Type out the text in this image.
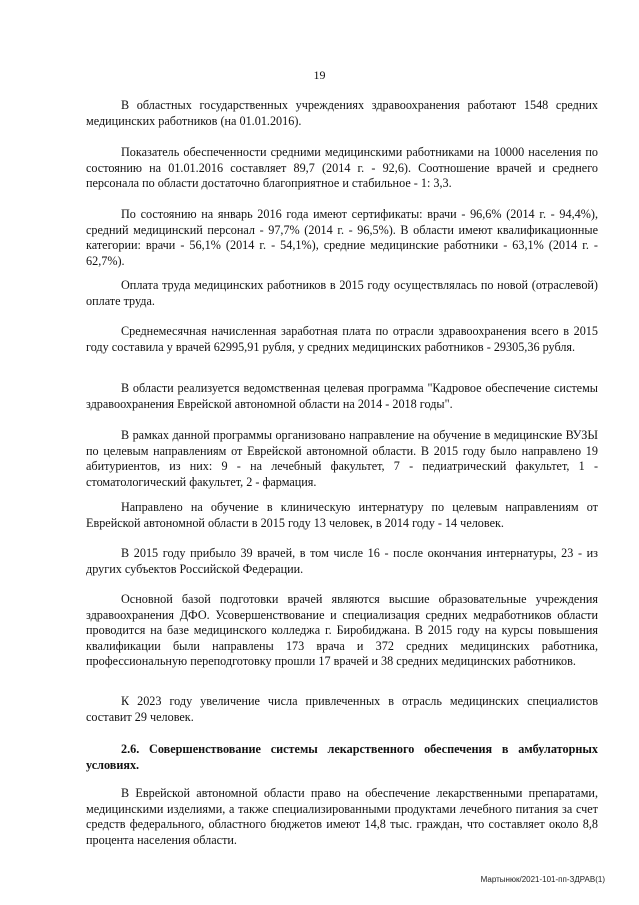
19

В областных государственных учреждениях здравоохранения работают 1548 средних медицинских работников (на 01.01.2016).

Показатель обеспеченности средними медицинскими работниками на 10000 населения по состоянию на 01.01.2016 составляет 89,7 (2014 г. - 92,6). Соотношение врачей и среднего персонала по области достаточно благоприятное и стабильное - 1: 3,3.

По состоянию на январь 2016 года имеют сертификаты: врачи - 96,6% (2014 г. - 94,4%), средний медицинский персонал - 97,7% (2014 г. - 96,5%). В области имеют квалификационные категории: врачи - 56,1% (2014 г. - 54,1%), средние медицинские работники - 63,1% (2014 г. - 62,7%).

Оплата труда медицинских работников в 2015 году осуществлялась по новой (отраслевой) оплате труда.

Среднемесячная начисленная заработная плата по отрасли здравоохранения всего в 2015 году составила у врачей 62995,91 рубля, у средних медицинских работников - 29305,36 рубля.

В области реализуется ведомственная целевая программа "Кадровое обеспечение системы здравоохранения Еврейской автономной области на 2014 - 2018 годы".

В рамках данной программы организовано направление на обучение в медицинские ВУЗЫ по целевым направлениям от Еврейской автономной области. В 2015 году было направлено 19 абитуриентов, из них: 9 - на лечебный факультет, 7 - педиатрический факультет, 1 - стоматологический факультет, 2 - фармация.

Направлено на обучение в клиническую интернатуру по целевым направлениям от Еврейской автономной области в 2015 году 13 человек, в 2014 году - 14 человек.

В 2015 году прибыло 39 врачей, в том числе 16 - после окончания интернатуры, 23 - из других субъектов Российской Федерации.

Основной базой подготовки врачей являются высшие образовательные учреждения здравоохранения ДФО. Усовершенствование и специализация средних медработников области проводится на базе медицинского колледжа г. Биробиджана. В 2015 году на курсы повышения квалификации были направлены 173 врача и 372 средних медицинских работника, профессиональную переподготовку прошли 17 врачей и 38 средних медицинских работников.

К 2023 году увеличение числа привлеченных в отрасль медицинских специалистов составит 29 человек.

2.6. Совершенствование системы лекарственного обеспечения в амбулаторных условиях.

В Еврейской автономной области право на обеспечение лекарственными препаратами, медицинскими изделиями, а также специализированными продуктами лечебного питания за счет средств федерального, областного бюджетов имеют 14,8 тыс. граждан, что составляет около 8,8 процента населения области.

Мартынюк/2021-101-пп-ЗДРАВ(1)
